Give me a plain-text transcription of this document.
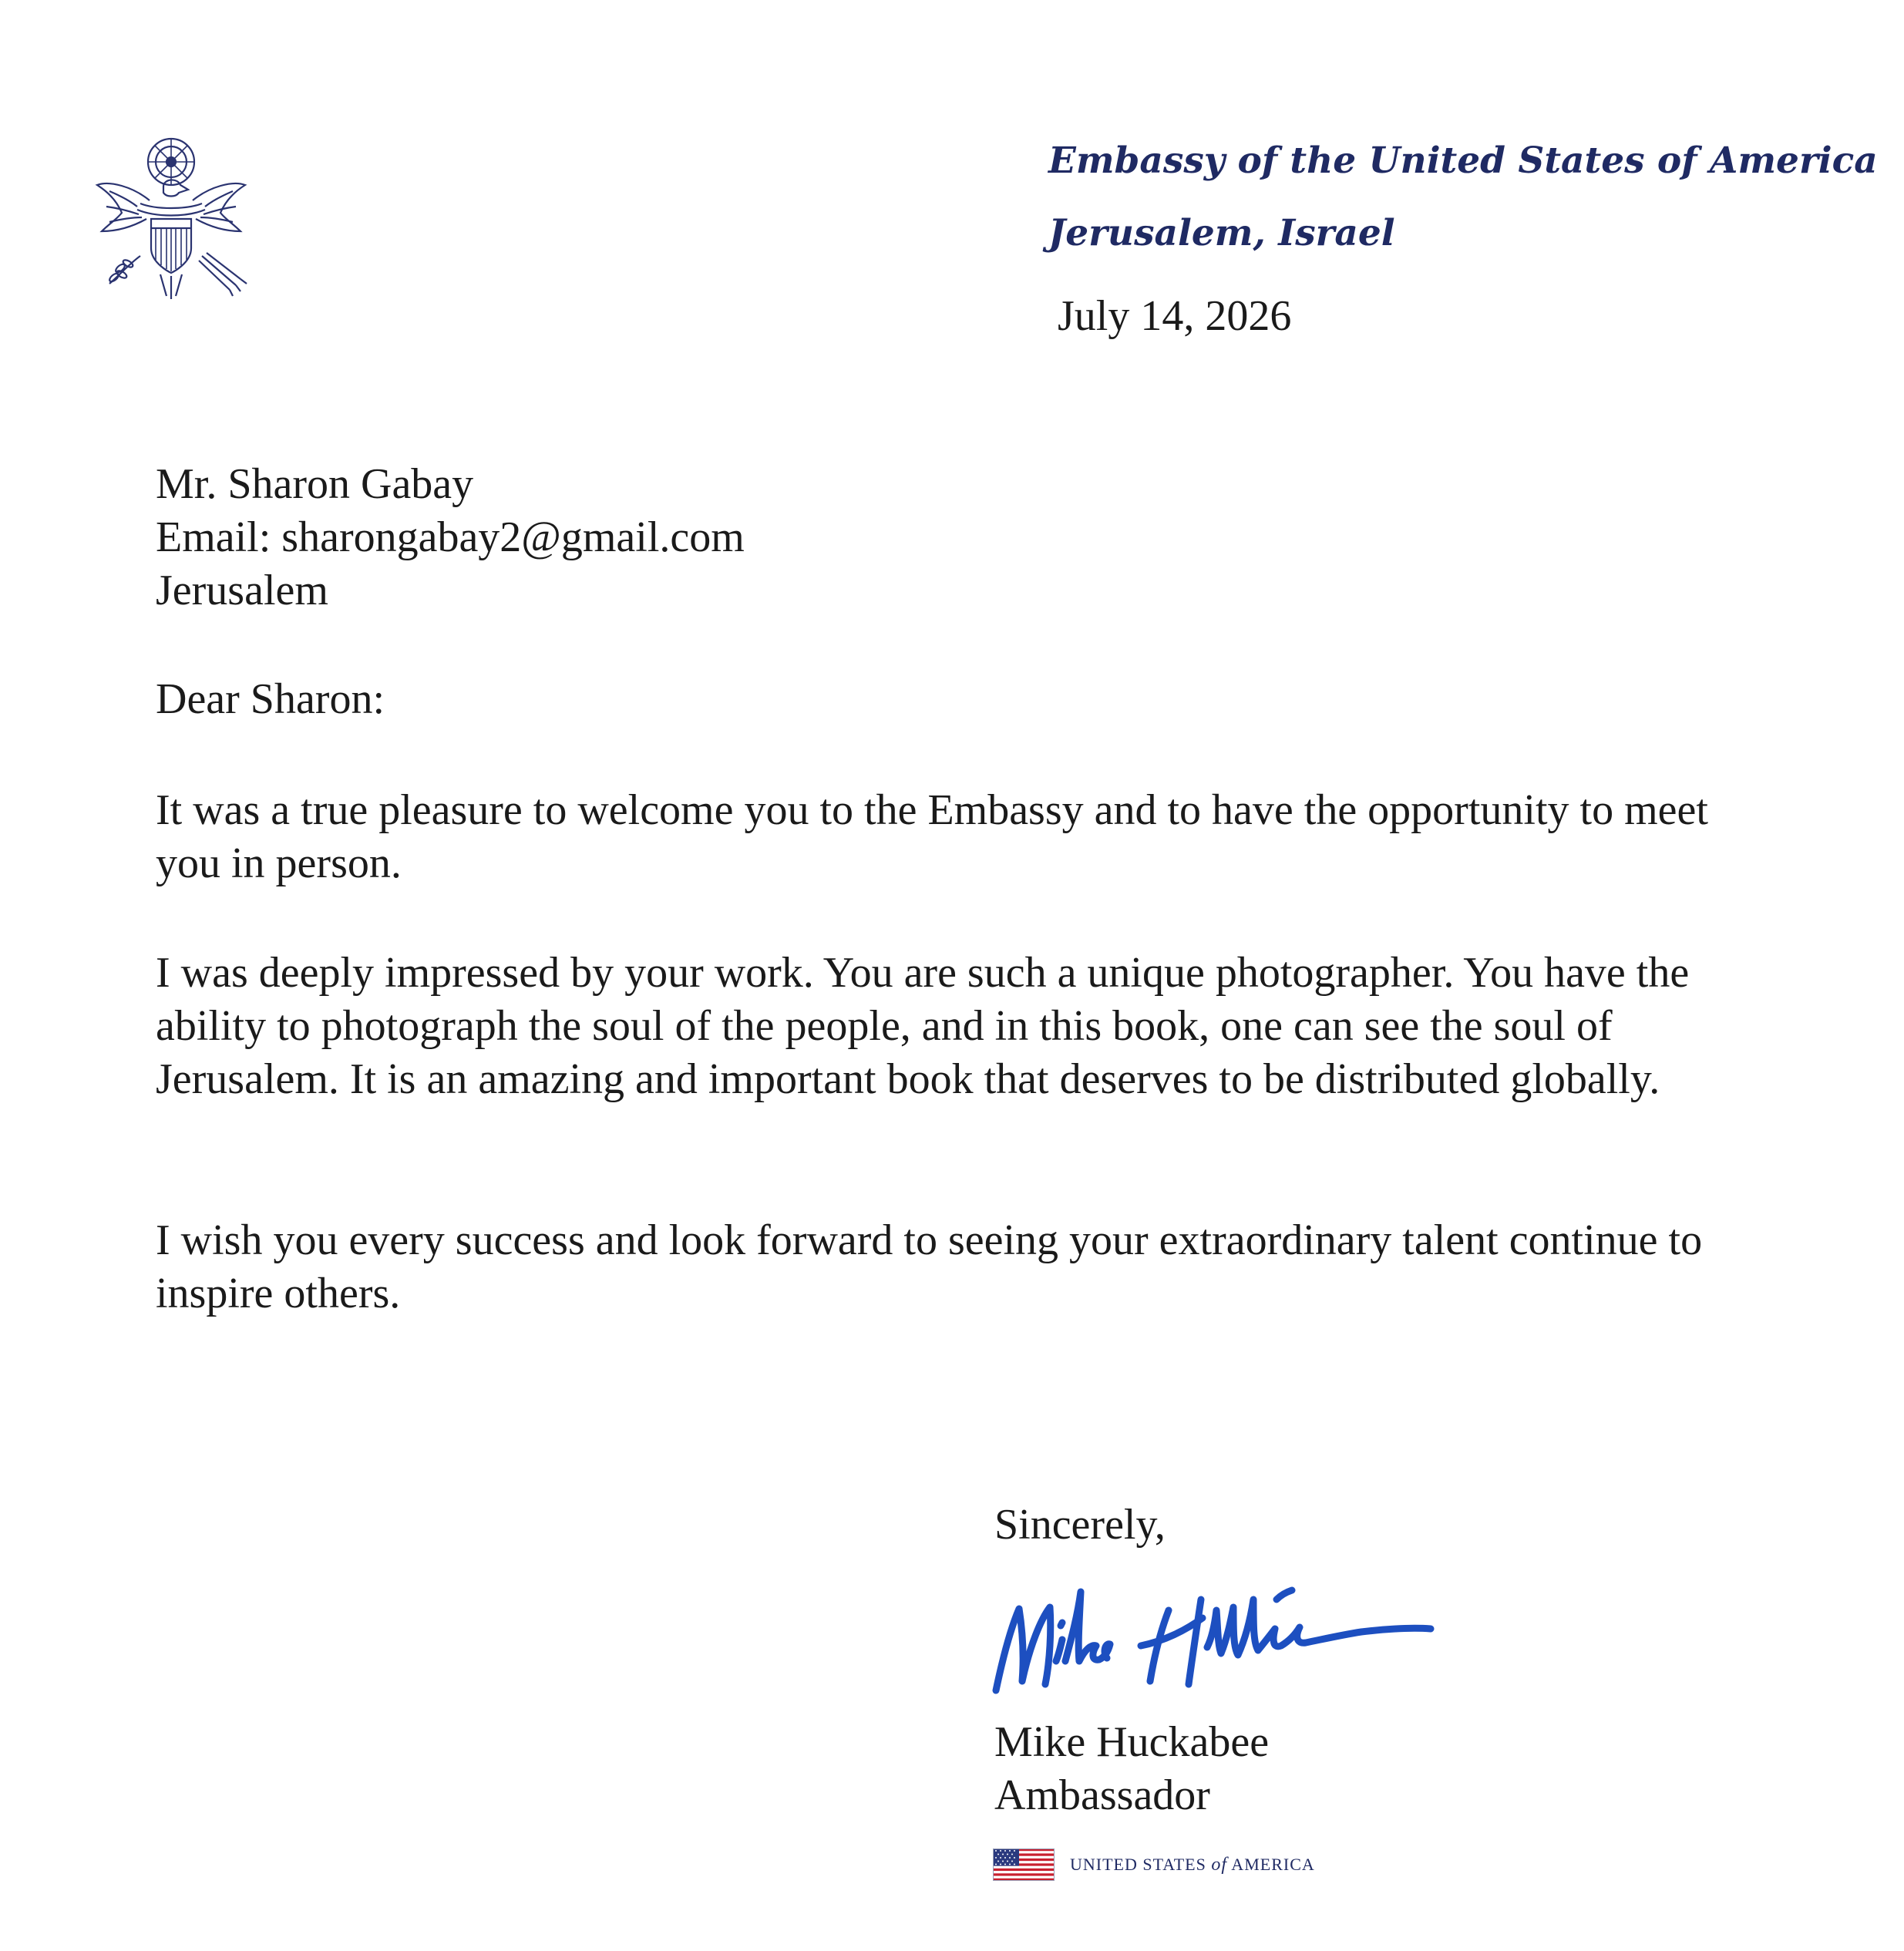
Embassy of the United States of America
Jerusalem, Israel
July 14, 2026
Mr. Sharon Gabay
Email: sharongabay2@gmail.com
Jerusalem
Dear Sharon:

It was a true pleasure to welcome you to the Embassy and to have the opportunity to meet you in person.

I was deeply impressed by your work. You are such a unique photographer. You have the ability to photograph the soul of the people, and in this book, one can see the soul of Jerusalem. It is an amazing and important book that deserves to be distributed globally.

I wish you every success and look forward to seeing your extraordinary talent continue to inspire others.

Sincerely,
Mike Huckabee
Ambassador
UNITED STATES of AMERICA
